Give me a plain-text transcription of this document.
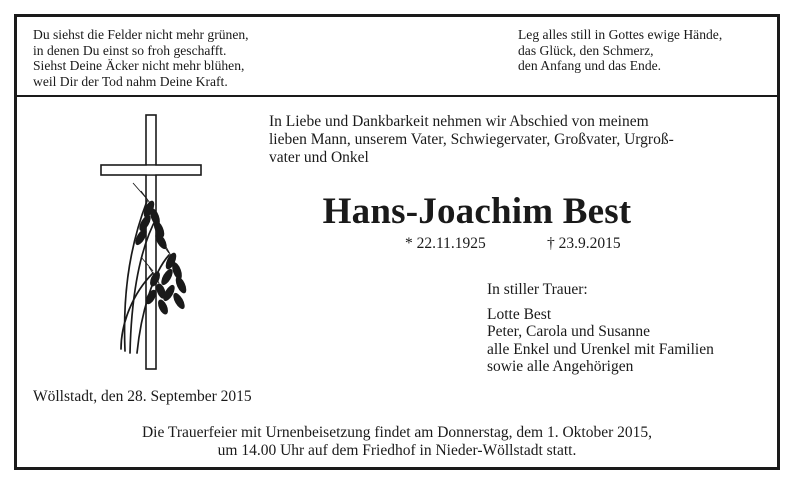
Du siehst die Felder nicht mehr grünen,
in denen Du einst so froh geschafft.
Siehst Deine Äcker nicht mehr blühen,
weil Dir der Tod nahm Deine Kraft.
Leg alles still in Gottes ewige Hände,
das Glück, den Schmerz,
den Anfang und das Ende.
In Liebe und Dankbarkeit nehmen wir Abschied von meinem
lieben Mann, unserem Vater, Schwiegervater, Großvater, Urgroß-
vater und Onkel
Hans-Joachim Best
* 22.11.1925	† 23.9.2015
In stiller Trauer:
Lotte Best
Peter, Carola und Susanne
alle Enkel und Urenkel mit Familien
sowie alle Angehörigen
Wöllstadt, den 28. September 2015
Die Trauerfeier mit Urnenbeisetzung findet am Donnerstag, dem 1. Oktober 2015,
um 14.00 Uhr auf dem Friedhof in Nieder-Wöllstadt statt.
